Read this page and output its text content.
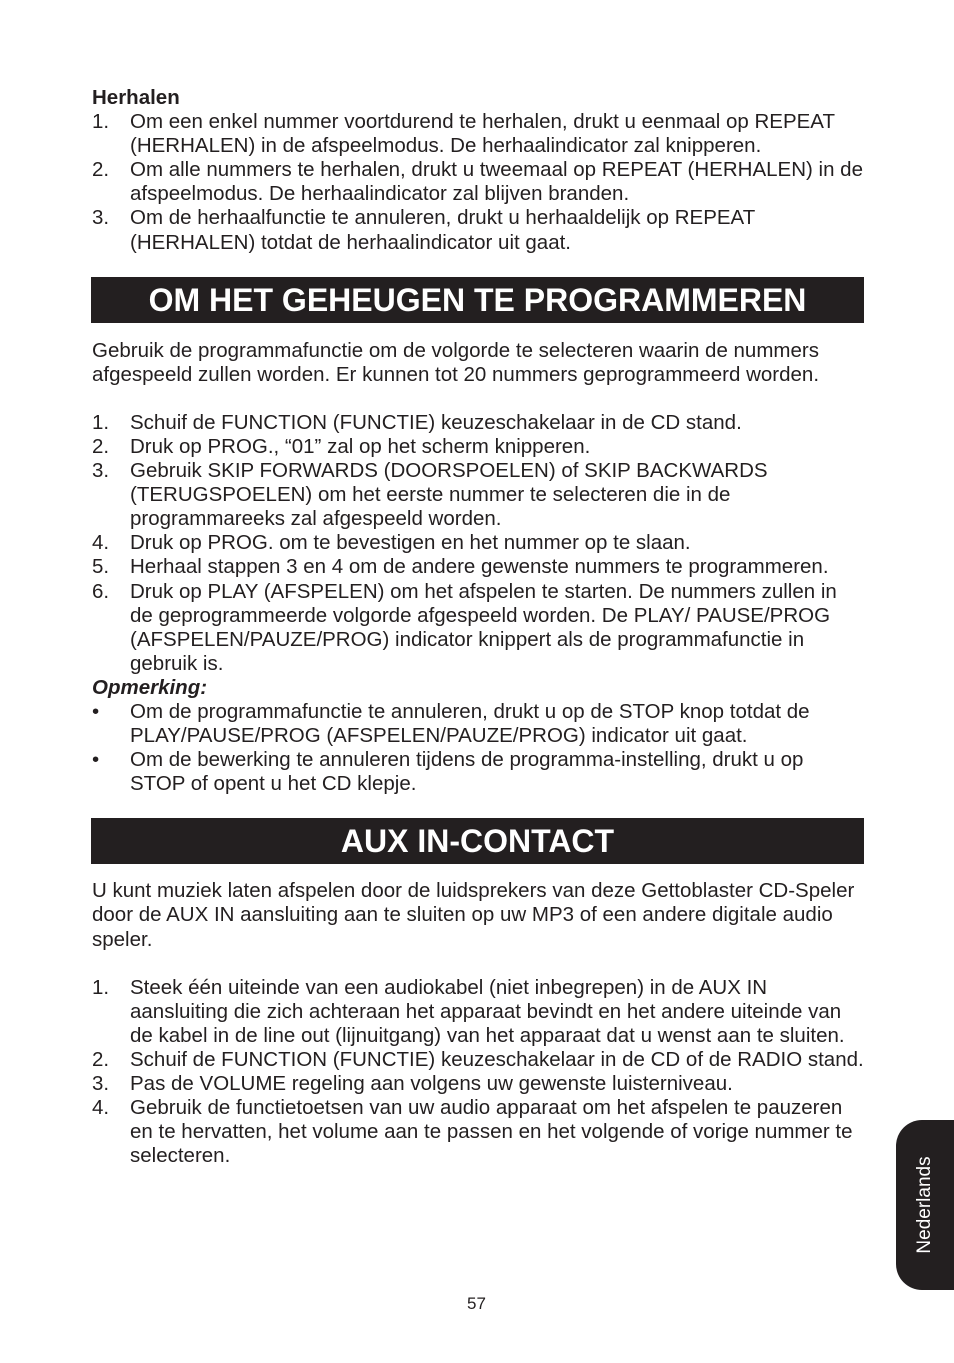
Herhalen
1.	Om een enkel nummer voortdurend te herhalen, drukt u eenmaal op REPEAT (HERHALEN) in de afspeelmodus. De herhaalindicator zal knipperen.
2.	Om alle nummers te herhalen, drukt u tweemaal op REPEAT (HERHALEN) in de afspeelmodus. De herhaalindicator zal blijven branden.
3.	Om de herhaalfunctie te annuleren, drukt u herhaaldelijk op REPEAT (HERHALEN) totdat de herhaalindicator uit gaat.
OM HET GEHEUGEN TE PROGRAMMEREN

Gebruik de programmafunctie om de volgorde te selecteren waarin de nummers afgespeeld zullen worden. Er kunnen tot 20 nummers geprogrammeerd worden.

1.	Schuif de FUNCTION (FUNCTIE) keuzeschakelaar in de CD stand.
2.	Druk op PROG., “01” zal op het scherm knipperen.
3.	Gebruik SKIP FORWARDS (DOORSPOELEN) of SKIP BACKWARDS (TERUGSPOELEN) om het eerste nummer te selecteren die in de programmareeks zal afgespeeld worden.
4.	Druk op PROG. om te bevestigen en het nummer op te slaan.
5.	Herhaal stappen 3 en 4 om de andere gewenste nummers te programmeren.
6.	Druk op PLAY (AFSPELEN) om het afspelen te starten. De nummers zullen in de geprogrammeerde volgorde afgespeeld worden. De PLAY/ PAUSE/PROG (AFSPELEN/PAUZE/PROG) indicator knippert als de programmafunctie in gebruik is.
Opmerking:
•	Om de programmafunctie te annuleren, drukt u op de STOP knop totdat de PLAY/PAUSE/PROG (AFSPELEN/PAUZE/PROG) indicator uit gaat.
•	Om de bewerking te annuleren tijdens de programma-instelling, drukt u op STOP of opent u het CD klepje.
AUX IN-CONTACT

U kunt muziek laten afspelen door de luidsprekers van deze Gettoblaster CD-Speler door de AUX IN aansluiting aan te sluiten op uw MP3 of een andere digitale audio speler.

1.	Steek één uiteinde van een audiokabel (niet inbegrepen) in de AUX IN aansluiting die zich achteraan het apparaat bevindt en het andere uiteinde van de kabel in de line out (lijnuitgang) van het apparaat dat u wenst aan te sluiten.
2.	Schuif de FUNCTION (FUNCTIE) keuzeschakelaar in de CD of de RADIO stand.
3.	Pas de VOLUME regeling aan volgens uw gewenste luisterniveau.
4.	Gebruik de functietoetsen van uw audio apparaat om het afspelen te pauzeren en te hervatten, het volume aan te passen en het volgende of vorige nummer te selecteren.
Nederlands
57
